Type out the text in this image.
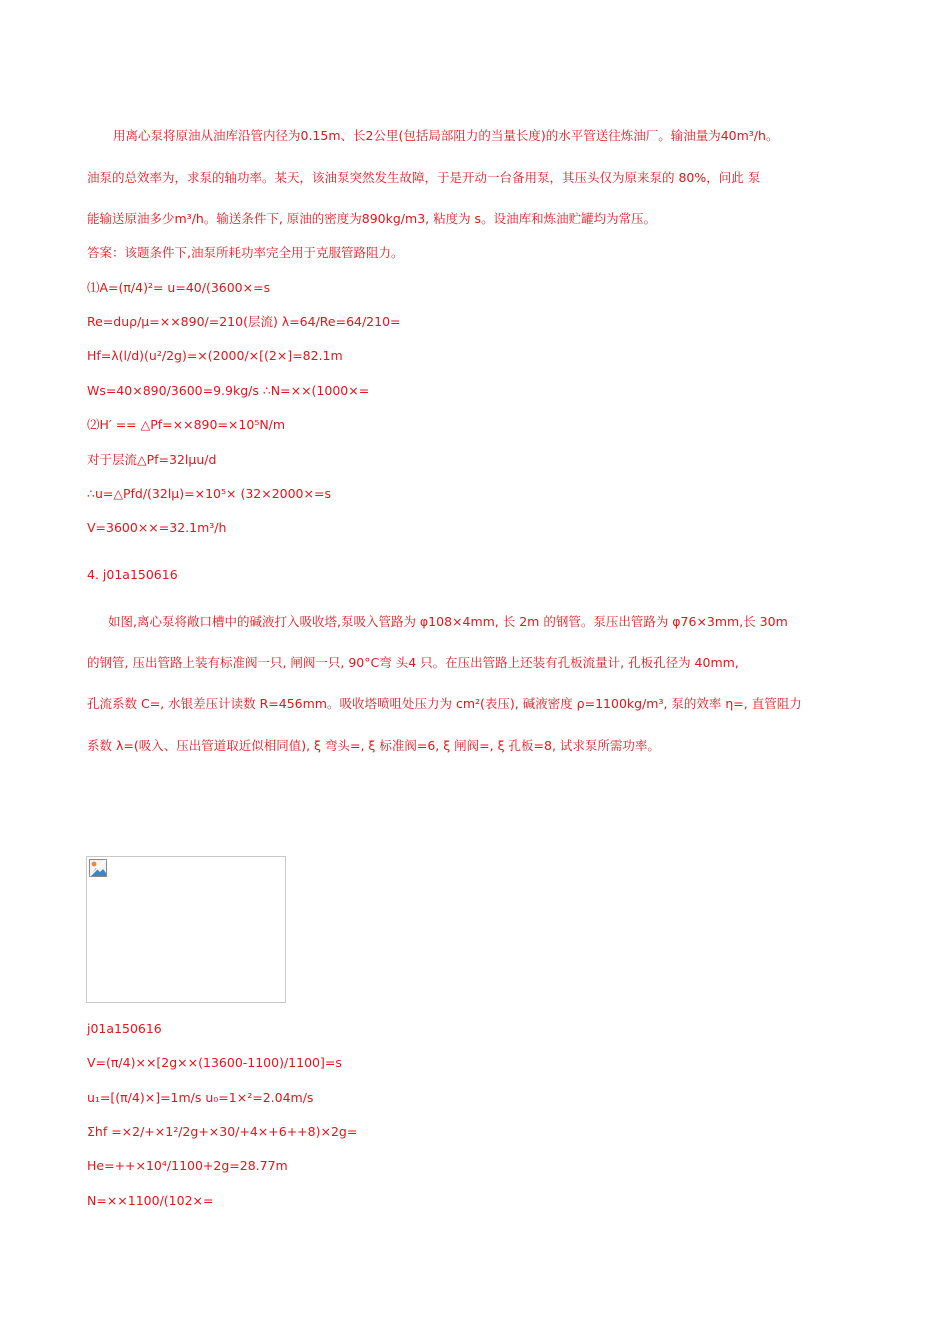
用离心泵将原油从油库沿管内径为0.15m、长2公里(包括局部阻力的当量长度)的水平管送往炼油厂。输油量为40m³/h。
油泵的总效率为，求泵的轴功率。某天，该油泵突然发生故障，于是开动一台备用泵，其压头仅为原来泵的 80%，问此 泵
能输送原油多少m³/h。输送条件下, 原油的密度为890kg/m3, 粘度为 s。设油库和炼油贮罐均为常压。
答案：该题条件下,油泵所耗功率完全用于克服管路阻力。
⑴A=(π/4)²= u=40/(3600×=s
Re=duρ/μ=××890/=210(层流) λ=64/Re=64/210=
Hf=λ(l/d)(u²/2g)=×(2000/×[(2×]=82.1m
Ws=40×890/3600=9.9kg/s ∴N=××(1000×=
⑵H′ == △Pf=××890=×10⁵N/m
对于层流△Pf=32lμu/d
∴u=△Pfd/(32lμ)=×10⁵× (32×2000×=s
V=3600××=32.1m³/h
4. j01a150616
如图,离心泵将敞口槽中的碱液打入吸收塔,泵吸入管路为 φ108×4mm, 长 2m 的钢管。泵压出管路为 φ76×3mm,长 30m
的钢管, 压出管路上装有标准阀一只, 闸阀一只, 90°C弯 头4 只。在压出管路上还装有孔板流量计, 孔板孔径为 40mm,
孔流系数 C=, 水银差压计读数 R=456mm。吸收塔喷咀处压力为 cm²(表压), 碱液密度 ρ=1100kg/m³, 泵的效率 η=, 直管阻力
系数 λ=(吸入、压出管道取近似相同值), ξ 弯头=, ξ 标准阀=6, ξ 闸阀=, ξ 孔板=8, 试求泵所需功率。
j01a150616
V=(π/4)××[2g××(13600-1100)/1100]=s
u₁=[(π/4)×]=1m/s u₀=1×²=2.04m/s
Σhf =×2/+×1²/2g+×30/+4×+6++8)×2g=
He=++×10⁴/1100+2g=28.77m
N=××1100/(102×=
